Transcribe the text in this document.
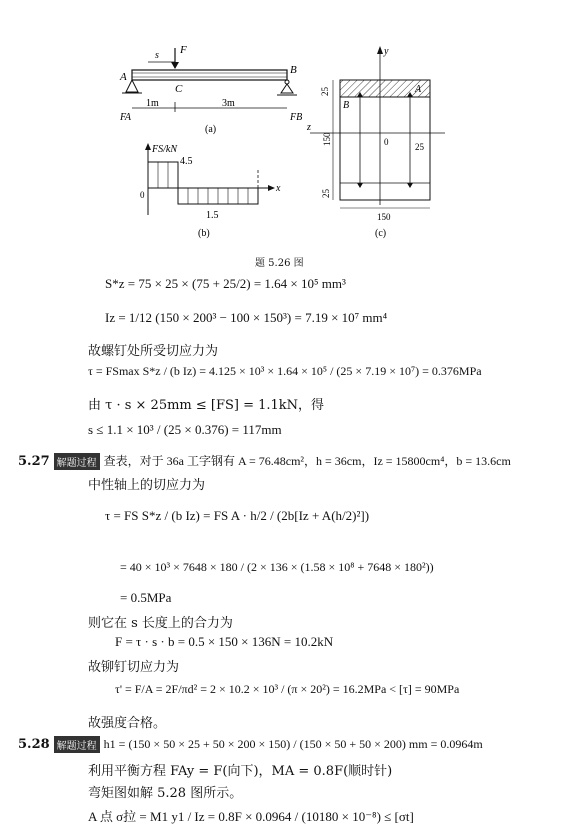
F
s
A
B
C
1m	3m
FA	FB
(a)
FS/kN
x
0
4.5
1.5
(b)
y
z
0
B
A
25
150
25
25
150
(c)
题 5.26 图
S*z = 75 × 25 × (75 + 25/2) = 1.64 × 10⁵ mm³
Iz = 1/12 (150 × 200³ − 100 × 150³) = 7.19 × 10⁷ mm⁴
故螺钉处所受切应力为
τ = FSmax S*z / (b Iz) = 4.125 × 10³ × 1.64 × 10⁵ / (25 × 7.19 × 10⁷) = 0.376MPa
由 τ · s × 25mm ≤ [FS] = 1.1kN，得
s ≤ 1.1 × 10³ / (25 × 0.376) = 117mm
5.27 解题过程 查表，对于 36a 工字钢有 A = 76.48cm²，h = 36cm，Iz = 15800cm⁴，b = 13.6cm
中性轴上的切应力为
τ = FS S*z / (b Iz) = FS A · h/2 / (2b[Iz + A(h/2)²])
= 40 × 10³ × 7648 × 180 / (2 × 136 × (1.58 × 10⁸ + 7648 × 180²))
= 0.5MPa
则它在 s 长度上的合力为
F = τ · s · b = 0.5 × 150 × 136N = 10.2kN
故铆钉切应力为
τ' = F/A = 2F/πd² = 2 × 10.2 × 10³ / (π × 20²) = 16.2MPa < [τ] = 90MPa
故强度合格。
5.28 解题过程 h1 = (150 × 50 × 25 + 50 × 200 × 150) / (150 × 50 + 50 × 200) mm = 0.0964m
利用平衡方程 FAy = F(向下)，MA = 0.8F(顺时针)
弯矩图如解 5.28 图所示。
A 点 σ拉 = M1 y1 / Iz = 0.8F × 0.0964 / (10180 × 10⁻⁸) ≤ [σt]
